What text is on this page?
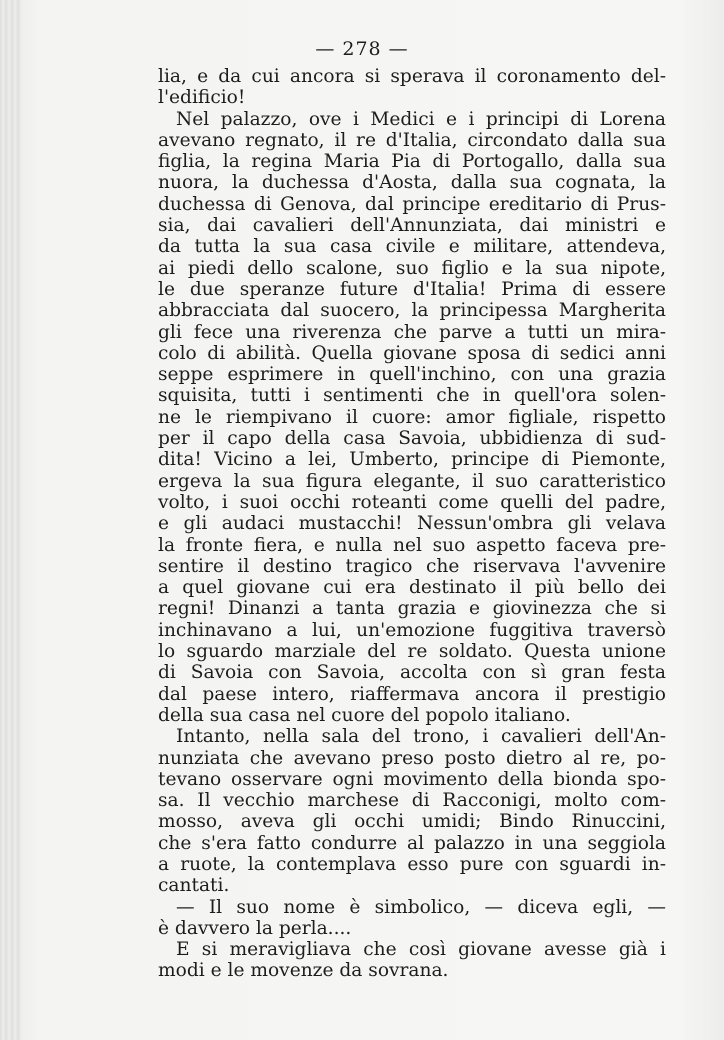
— 278 —
lia, e da cui ancora si sperava il coronamento del-
l'edificio!
Nel palazzo, ove i Medici e i principi di Lorena
avevano regnato, il re d'Italia, circondato dalla sua
figlia, la regina Maria Pia di Portogallo, dalla sua
nuora, la duchessa d'Aosta, dalla sua cognata, la
duchessa di Genova, dal principe ereditario di Prus-
sia, dai cavalieri dell'Annunziata, dai ministri e
da tutta la sua casa civile e militare, attendeva,
ai piedi dello scalone, suo figlio e la sua nipote,
le due speranze future d'Italia! Prima di essere
abbracciata dal suocero, la principessa Margherita
gli fece una riverenza che parve a tutti un mira-
colo di abilità. Quella giovane sposa di sedici anni
seppe esprimere in quell'inchino, con una grazia
squisita, tutti i sentimenti che in quell'ora solen-
ne le riempivano il cuore: amor figliale, rispetto
per il capo della casa Savoia, ubbidienza di sud-
dita! Vicino a lei, Umberto, principe di Piemonte,
ergeva la sua figura elegante, il suo caratteristico
volto, i suoi occhi roteanti come quelli del padre,
e gli audaci mustacchi! Nessun'ombra gli velava
la fronte fiera, e nulla nel suo aspetto faceva pre-
sentire il destino tragico che riservava l'avvenire
a quel giovane cui era destinato il più bello dei
regni! Dinanzi a tanta grazia e giovinezza che si
inchinavano a lui, un'emozione fuggitiva traversò
lo sguardo marziale del re soldato. Questa unione
di Savoia con Savoia, accolta con sì gran festa
dal paese intero, riaffermava ancora il prestigio
della sua casa nel cuore del popolo italiano.
Intanto, nella sala del trono, i cavalieri dell'An-
nunziata che avevano preso posto dietro al re, po-
tevano osservare ogni movimento della bionda spo-
sa. Il vecchio marchese di Racconigi, molto com-
mosso, aveva gli occhi umidi; Bindo Rinuccini,
che s'era fatto condurre al palazzo in una seggiola
a ruote, la contemplava esso pure con sguardi in-
cantati.
— Il suo nome è simbolico, — diceva egli, —
è davvero la perla....
E si meravigliava che così giovane avesse già i
modi e le movenze da sovrana.
